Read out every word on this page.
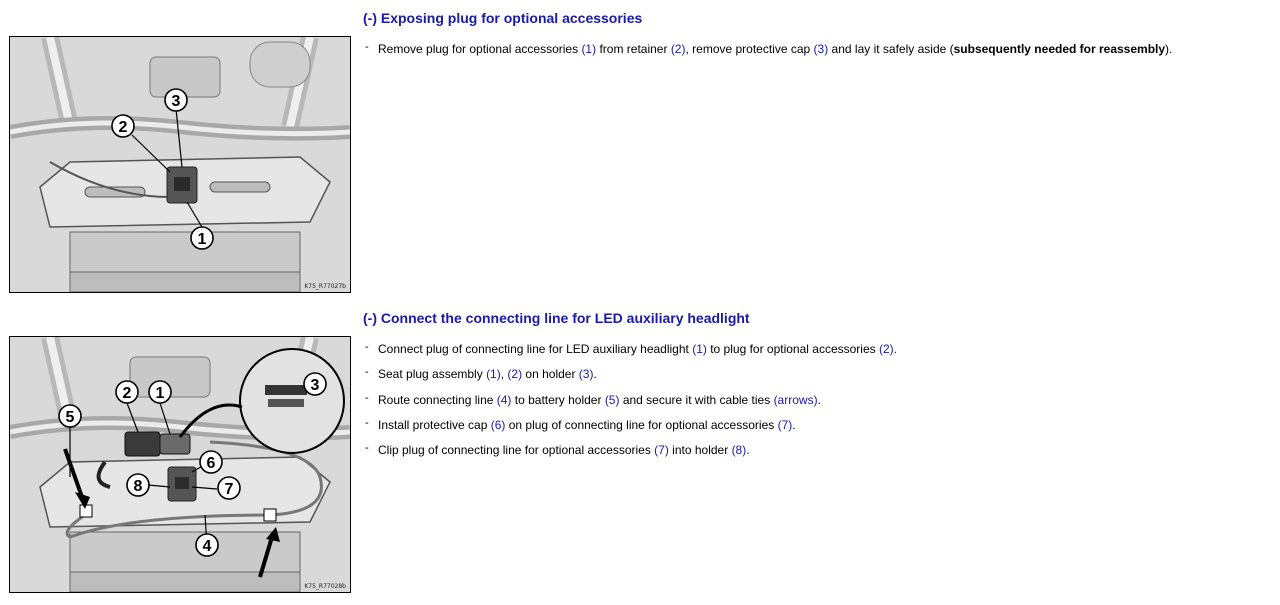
3
2
1
K75_R77027b
(-) Exposing plug for optional accessories
- Remove plug for optional accessories (1) from retainer (2), remove protective cap (3) and lay it safely aside (subsequently needed for reassembly).
2 1	3
5
6
8	7
4
K75_R77028b
(-) Connect the connecting line for LED auxiliary headlight
- Connect plug of connecting line for LED auxiliary headlight (1) to plug for optional accessories (2).
- Seat plug assembly (1), (2) on holder (3).
- Route connecting line (4) to battery holder (5) and secure it with cable ties (arrows).
- Install protective cap (6) on plug of connecting line for optional accessories (7).
- Clip plug of connecting line for optional accessories (7) into holder (8).
